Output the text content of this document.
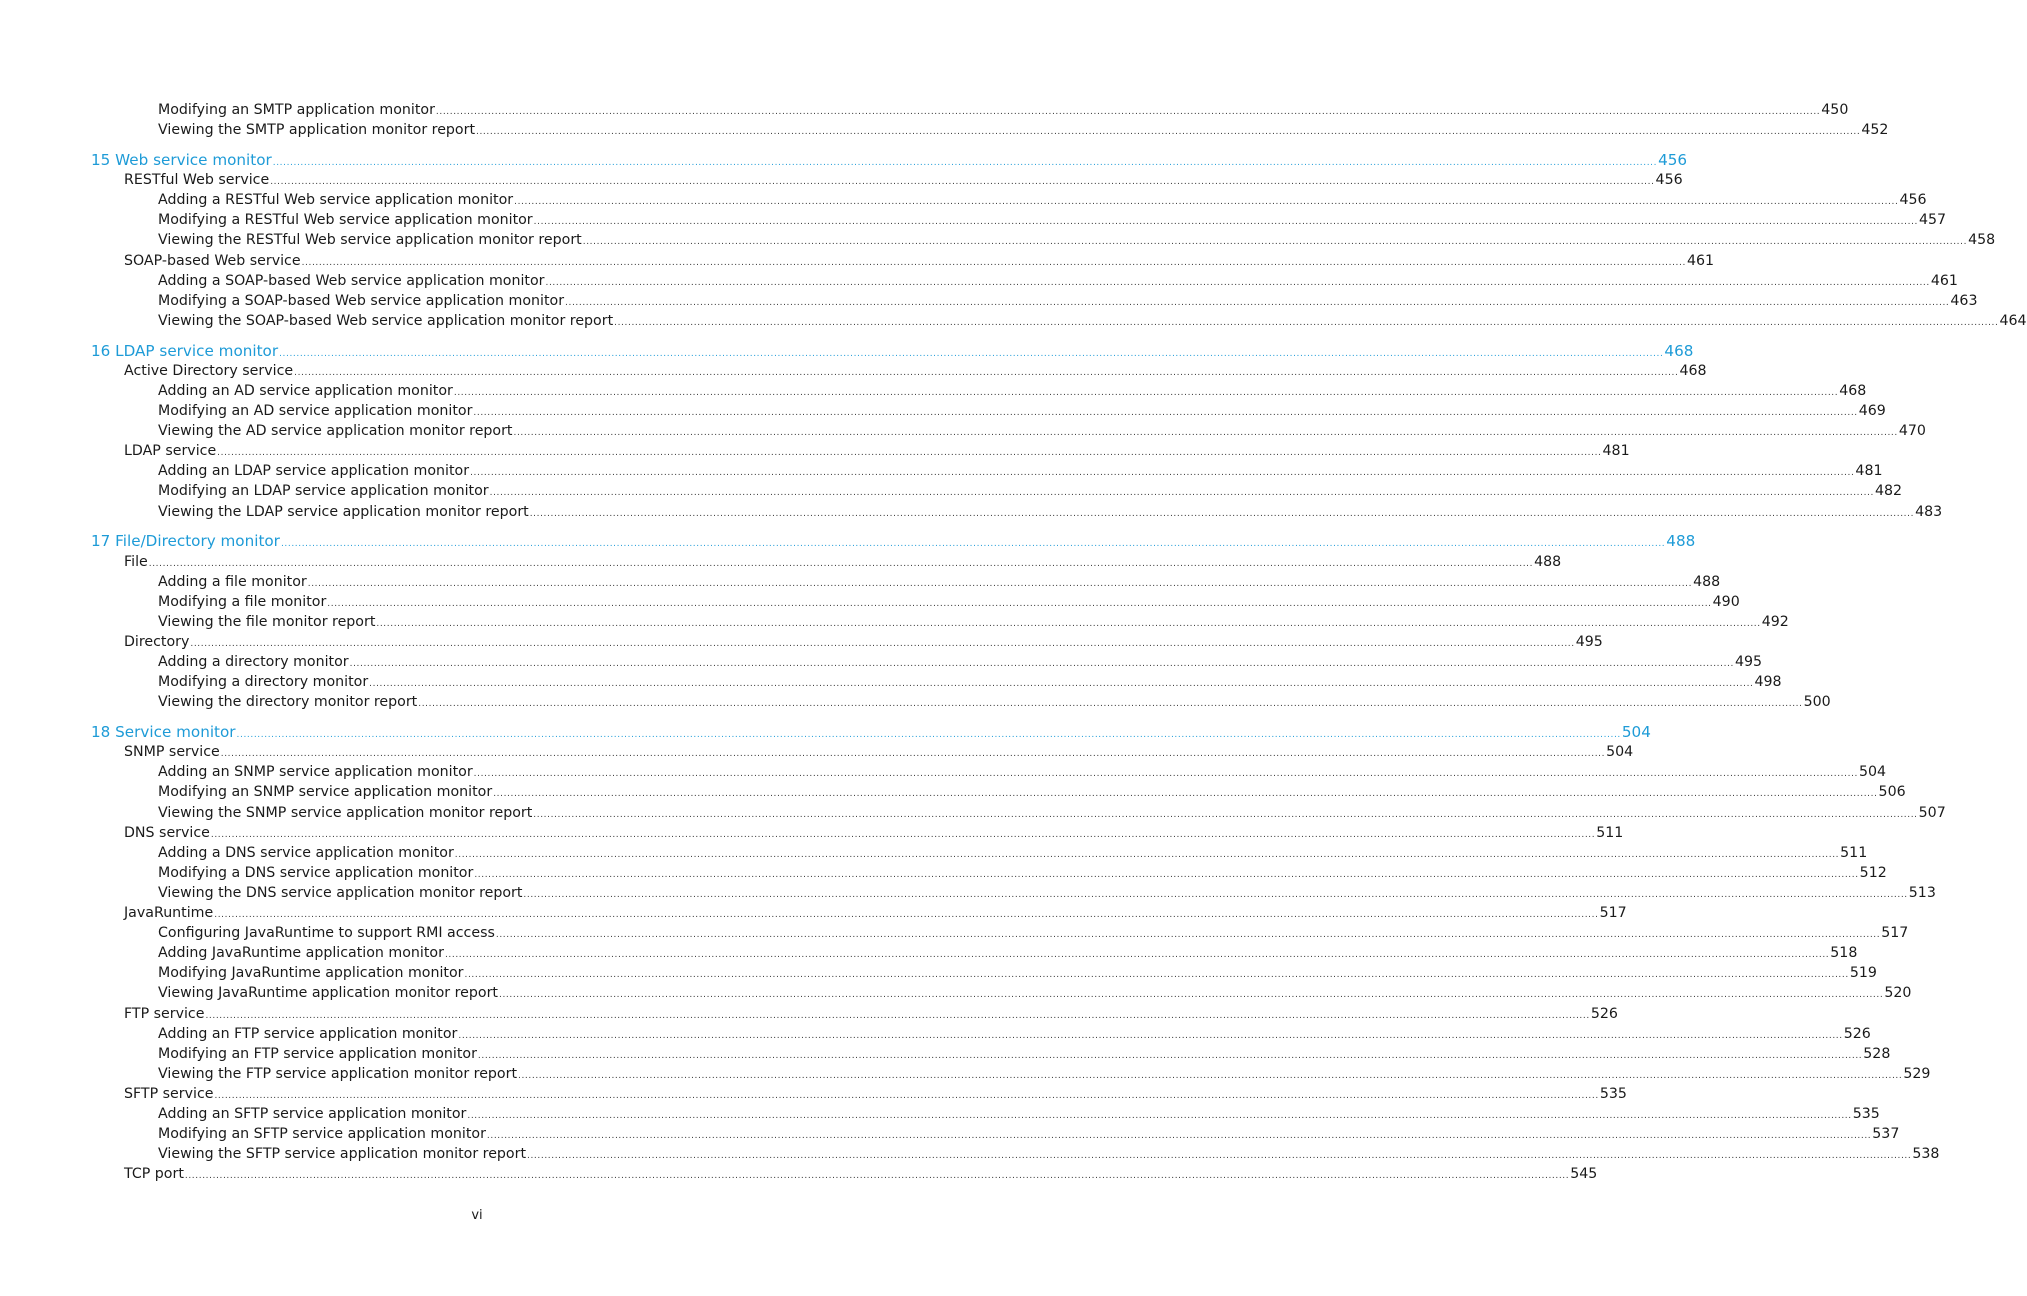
Modifying an SMTP application monitor ................................................................................................................................................................................................................................................................................................................................................................................................................ 450
Viewing the SMTP application monitor report ................................................................................................................................................................................................................................................................................................................................................................................................................ 452
15 Web service monitor ................................................................................................................................................................................................................................................................................................................................................................................................................ 456
RESTful Web service ................................................................................................................................................................................................................................................................................................................................................................................................................ 456
Adding a RESTful Web service application monitor ................................................................................................................................................................................................................................................................................................................................................................................................................ 456
Modifying a RESTful Web service application monitor ................................................................................................................................................................................................................................................................................................................................................................................................................ 457
Viewing the RESTful Web service application monitor report ................................................................................................................................................................................................................................................................................................................................................................................................................ 458
SOAP-based Web service ................................................................................................................................................................................................................................................................................................................................................................................................................ 461
Adding a SOAP-based Web service application monitor ................................................................................................................................................................................................................................................................................................................................................................................................................ 461
Modifying a SOAP-based Web service application monitor ................................................................................................................................................................................................................................................................................................................................................................................................................ 463
Viewing the SOAP-based Web service application monitor report ................................................................................................................................................................................................................................................................................................................................................................................................................ 464
16 LDAP service monitor ................................................................................................................................................................................................................................................................................................................................................................................................................ 468
Active Directory service ................................................................................................................................................................................................................................................................................................................................................................................................................ 468
Adding an AD service application monitor ................................................................................................................................................................................................................................................................................................................................................................................................................ 468
Modifying an AD service application monitor ................................................................................................................................................................................................................................................................................................................................................................................................................ 469
Viewing the AD service application monitor report ................................................................................................................................................................................................................................................................................................................................................................................................................ 470
LDAP service ................................................................................................................................................................................................................................................................................................................................................................................................................ 481
Adding an LDAP service application monitor ................................................................................................................................................................................................................................................................................................................................................................................................................ 481
Modifying an LDAP service application monitor ................................................................................................................................................................................................................................................................................................................................................................................................................ 482
Viewing the LDAP service application monitor report ................................................................................................................................................................................................................................................................................................................................................................................................................ 483
17 File/Directory monitor ................................................................................................................................................................................................................................................................................................................................................................................................................ 488
File ................................................................................................................................................................................................................................................................................................................................................................................................................ 488
Adding a file monitor ................................................................................................................................................................................................................................................................................................................................................................................................................ 488
Modifying a file monitor ................................................................................................................................................................................................................................................................................................................................................................................................................ 490
Viewing the file monitor report ................................................................................................................................................................................................................................................................................................................................................................................................................ 492
Directory ................................................................................................................................................................................................................................................................................................................................................................................................................ 495
Adding a directory monitor ................................................................................................................................................................................................................................................................................................................................................................................................................ 495
Modifying a directory monitor ................................................................................................................................................................................................................................................................................................................................................................................................................ 498
Viewing the directory monitor report ................................................................................................................................................................................................................................................................................................................................................................................................................ 500
18 Service monitor ................................................................................................................................................................................................................................................................................................................................................................................................................ 504
SNMP service ................................................................................................................................................................................................................................................................................................................................................................................................................ 504
Adding an SNMP service application monitor ................................................................................................................................................................................................................................................................................................................................................................................................................ 504
Modifying an SNMP service application monitor ................................................................................................................................................................................................................................................................................................................................................................................................................ 506
Viewing the SNMP service application monitor report ................................................................................................................................................................................................................................................................................................................................................................................................................ 507
DNS service ................................................................................................................................................................................................................................................................................................................................................................................................................ 511
Adding a DNS service application monitor ................................................................................................................................................................................................................................................................................................................................................................................................................ 511
Modifying a DNS service application monitor ................................................................................................................................................................................................................................................................................................................................................................................................................ 512
Viewing the DNS service application monitor report ................................................................................................................................................................................................................................................................................................................................................................................................................ 513
JavaRuntime ................................................................................................................................................................................................................................................................................................................................................................................................................ 517
Configuring JavaRuntime to support RMI access ................................................................................................................................................................................................................................................................................................................................................................................................................ 517
Adding JavaRuntime application monitor ................................................................................................................................................................................................................................................................................................................................................................................................................ 518
Modifying JavaRuntime application monitor ................................................................................................................................................................................................................................................................................................................................................................................................................ 519
Viewing JavaRuntime application monitor report ................................................................................................................................................................................................................................................................................................................................................................................................................ 520
FTP service ................................................................................................................................................................................................................................................................................................................................................................................................................ 526
Adding an FTP service application monitor ................................................................................................................................................................................................................................................................................................................................................................................................................ 526
Modifying an FTP service application monitor ................................................................................................................................................................................................................................................................................................................................................................................................................ 528
Viewing the FTP service application monitor report ................................................................................................................................................................................................................................................................................................................................................................................................................ 529
SFTP service ................................................................................................................................................................................................................................................................................................................................................................................................................ 535
Adding an SFTP service application monitor ................................................................................................................................................................................................................................................................................................................................................................................................................ 535
Modifying an SFTP service application monitor ................................................................................................................................................................................................................................................................................................................................................................................................................ 537
Viewing the SFTP service application monitor report ................................................................................................................................................................................................................................................................................................................................................................................................................ 538
TCP port ................................................................................................................................................................................................................................................................................................................................................................................................................ 545
vi
